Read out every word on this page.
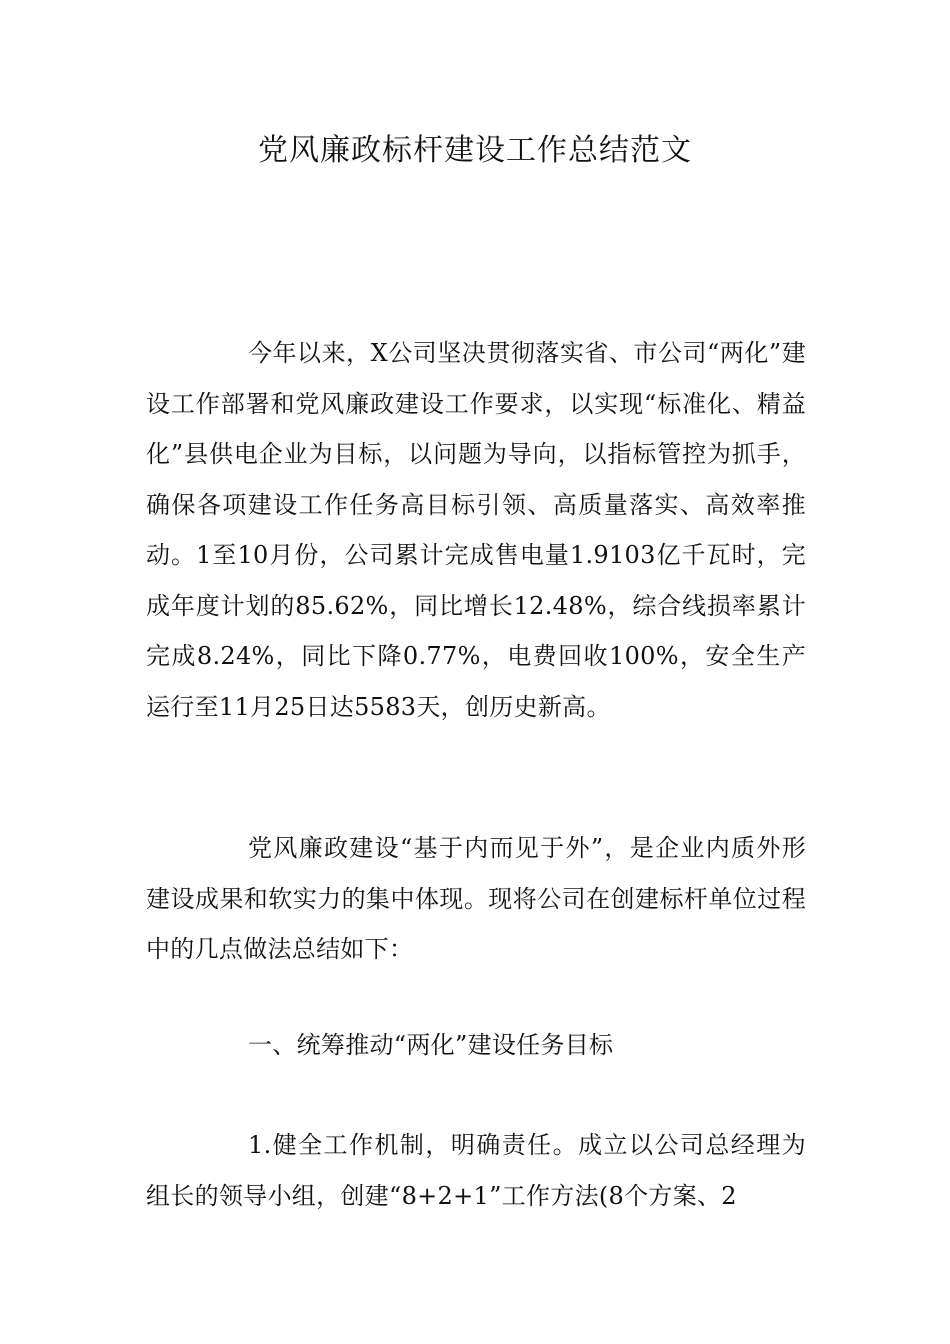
党风廉政标杆建设工作总结范文

今年以来，X公司坚决贯彻落实省、市公司“两化”建设工作部署和党风廉政建设工作要求，以实现“标准化、精益化”县供电企业为目标，以问题为导向，以指标管控为抓手，确保各项建设工作任务高目标引领、高质量落实、高效率推动。1至10月份，公司累计完成售电量1.9103亿千瓦时，完成年度计划的85.62%，同比增长12.48%，综合线损率累计完成8.24%，同比下降0.77%，电费回收100%，安全生产运行至11月25日达5583天，创历史新高。

党风廉政建设“基于内而见于外”，是企业内质外形建设成果和软实力的集中体现。现将公司在创建标杆单位过程中的几点做法总结如下：

一、统筹推动“两化”建设任务目标

1.健全工作机制，明确责任。成立以公司总经理为组长的领导小组，创建“8+2+1”工作方法(8个方案、2
